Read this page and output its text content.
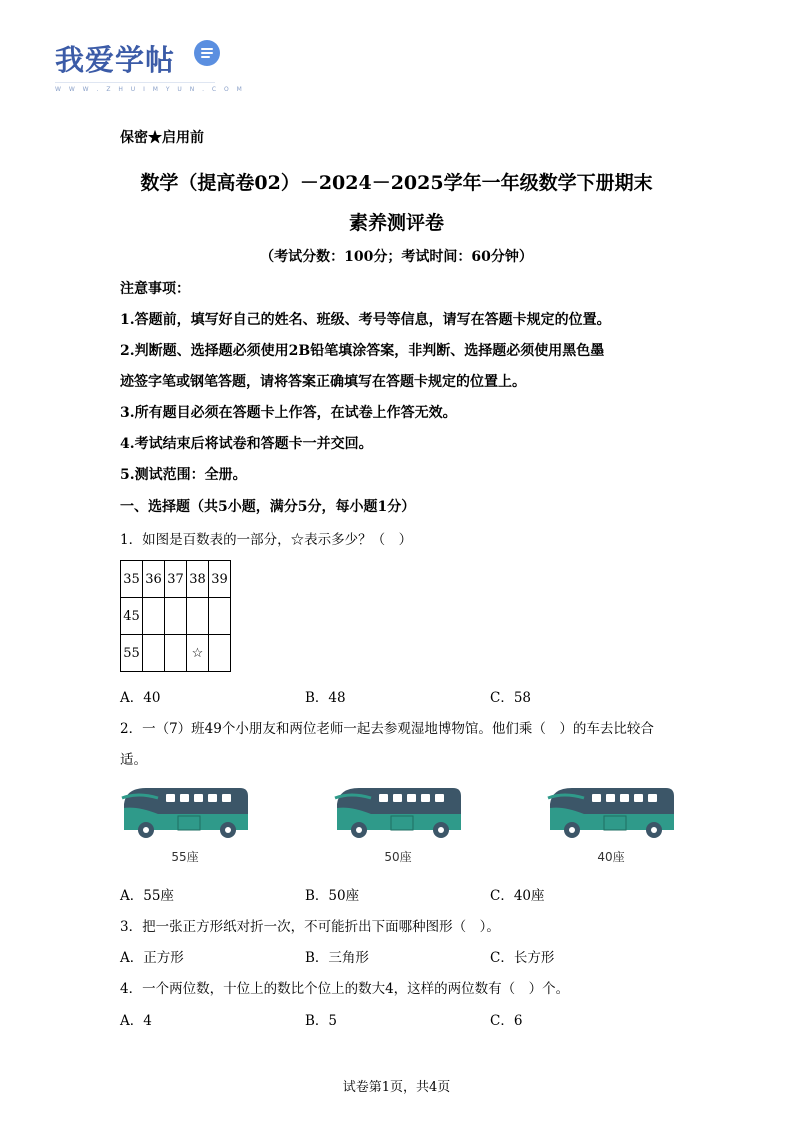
我爱学帖
W W W . Z H U I M Y U N . C O M
保密★启用前
数学（提高卷02）－2024－2025学年一年级数学下册期末
素养测评卷
（考试分数：100分；考试时间：60分钟）
注意事项：
1.答题前，填写好自己的姓名、班级、考号等信息，请写在答题卡规定的位置。
2.判断题、选择题必须使用2B铅笔填涂答案，非判断、选择题必须使用黑色墨
迹签字笔或钢笔答题，请将答案正确填写在答题卡规定的位置上。
3.所有题目必须在答题卡上作答，在试卷上作答无效。
4.考试结束后将试卷和答题卡一并交回。
5.测试范围：全册。
一、选择题（共5小题，满分5分，每小题1分）
1．如图是百数表的一部分，☆表示多少？（　）
35	36	37	38	39
45				
55			☆	
A．40	B．48	C．58
2．一（7）班49个小朋友和两位老师一起去参观湿地博物馆。他们乘（　）的车去比较合
适。
55座	50座	40座
A．55座	B．50座	C．40座
3．把一张正方形纸对折一次，不可能折出下面哪种图形（　）。
A．正方形	B．三角形	C．长方形
4．一个两位数，十位上的数比个位上的数大4，这样的两位数有（　）个。
A．4	B．5	C．6
试卷第1页，共4页
